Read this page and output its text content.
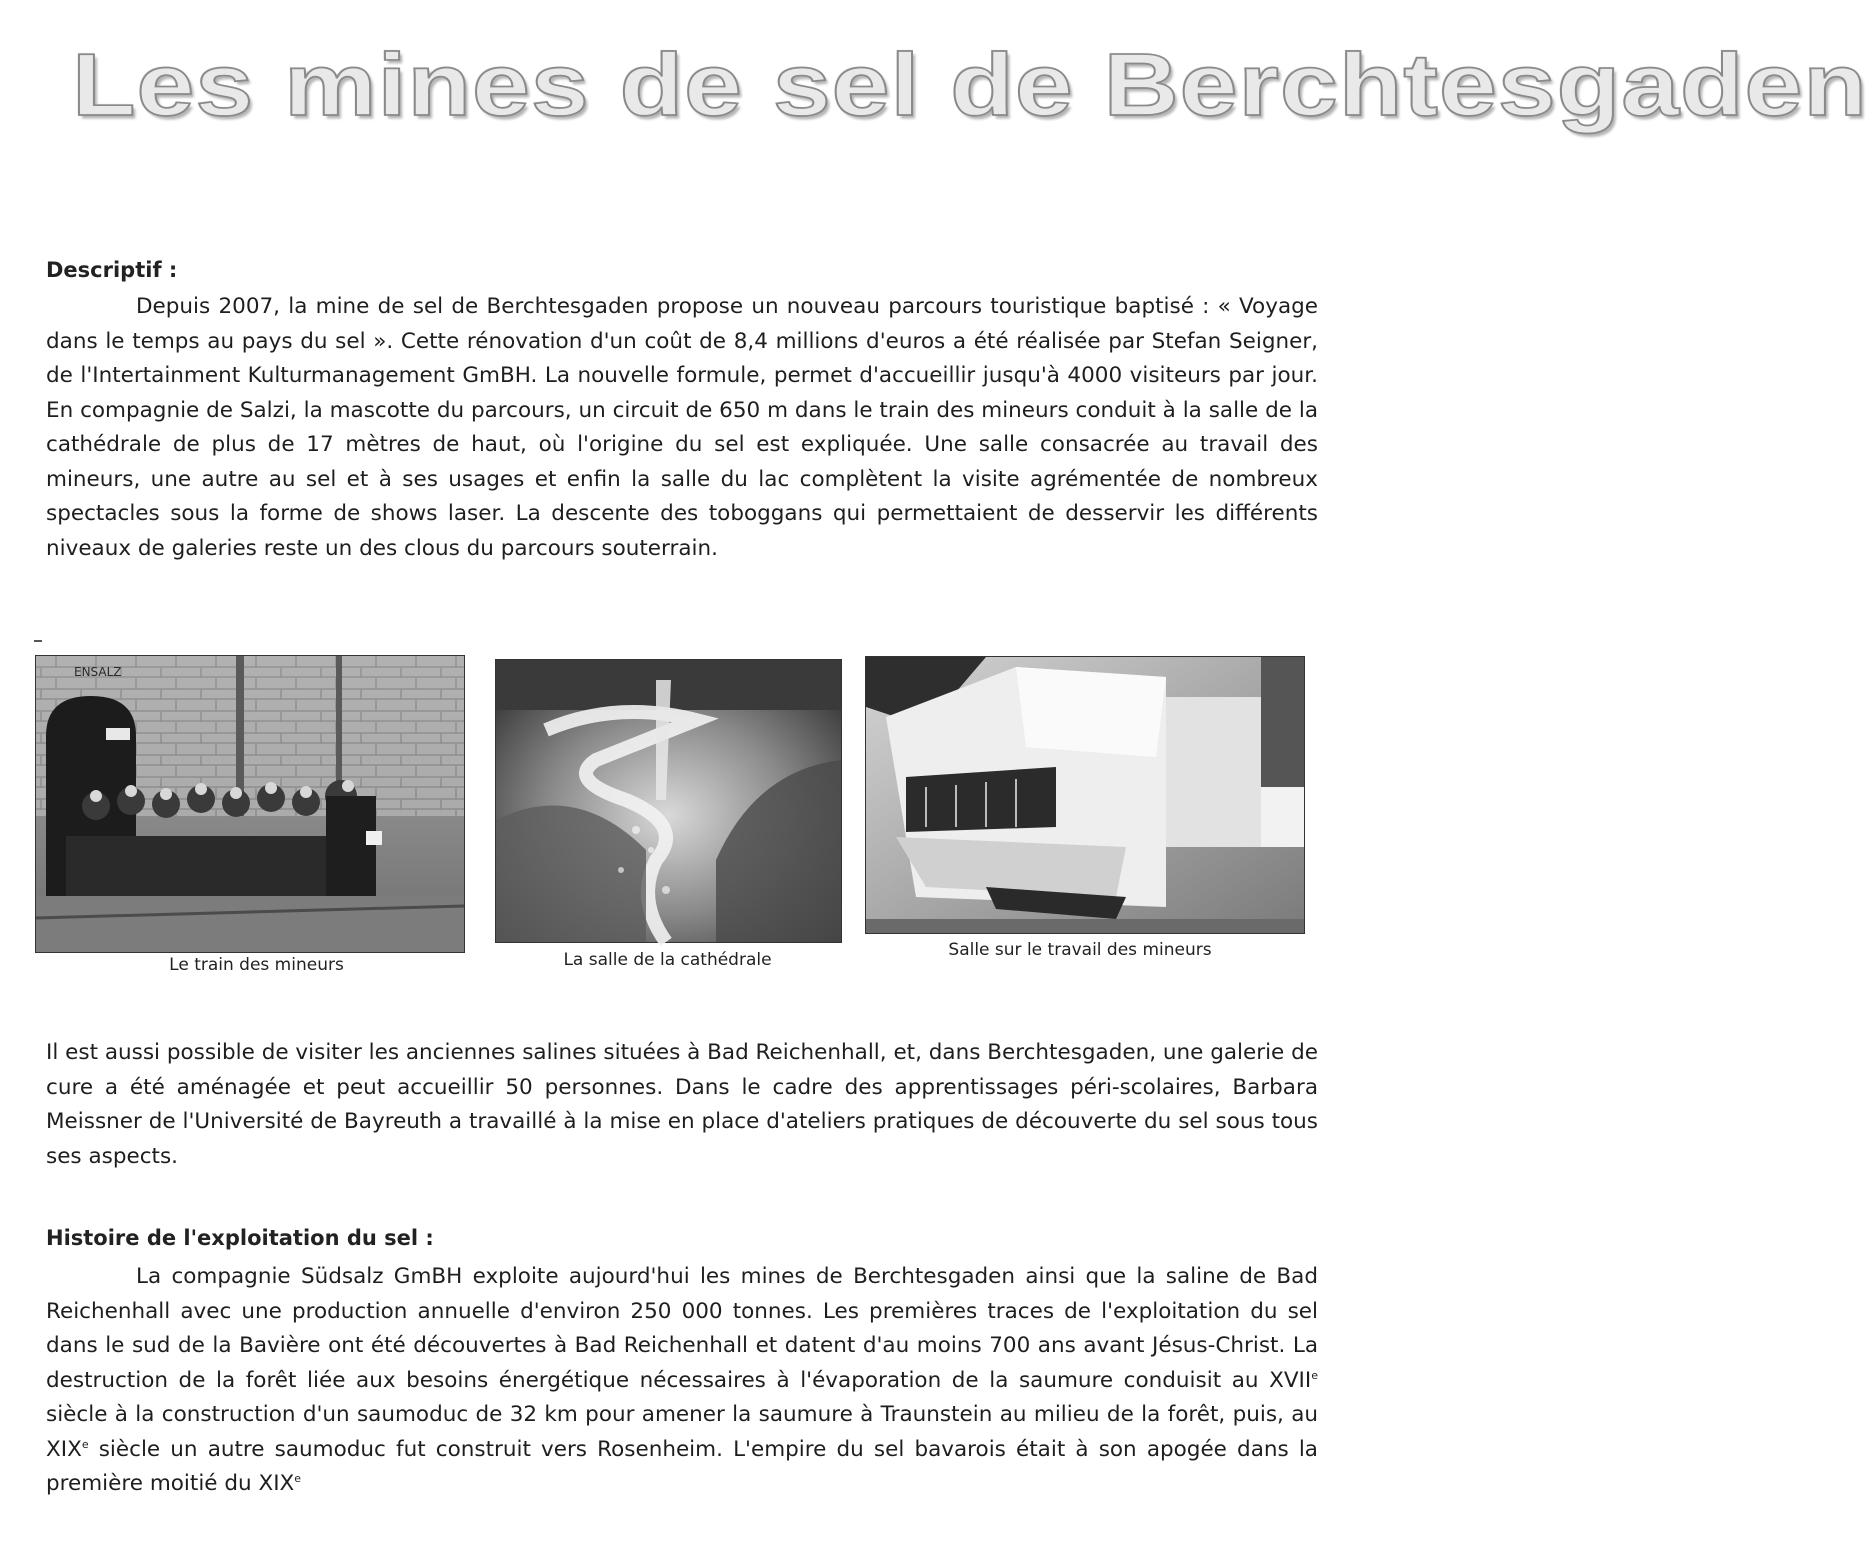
Les mines de sel de Berchtesgaden
Descriptif :
Depuis 2007, la mine de sel de Berchtesgaden propose un nouveau parcours touristique baptisé : « Voyage dans le temps au pays du sel ». Cette rénovation d'un coût de 8,4 millions d'euros a été réalisée par Stefan Seigner, de l'Intertainment Kulturmanagement GmBH. La nouvelle formule, permet d'accueillir jusqu'à 4000 visiteurs par jour. En compagnie de Salzi, la mascotte du parcours, un circuit de 650 m dans le train des mineurs conduit à la salle de la cathédrale de plus de 17 mètres de haut, où l'origine du sel est expliquée. Une salle consacrée au travail des mineurs, une autre au sel et à ses usages et enfin la salle du lac complètent la visite agrémentée de nombreux spectacles sous la forme de shows laser. La descente des toboggans qui permettaient de desservir les différents niveaux de galeries reste un des clous du parcours souterrain.
ENSALZ
Le train des mineurs	La salle de la cathédrale	Salle sur le travail des mineurs
Il est aussi possible de visiter les anciennes salines situées à Bad Reichenhall, et, dans Berchtesgaden, une galerie de cure a été aménagée et peut accueillir 50 personnes. Dans le cadre des apprentissages péri-scolaires, Barbara Meissner de l'Université de Bayreuth a travaillé à la mise en place d'ateliers pratiques de découverte du sel sous tous ses aspects.
Histoire de l'exploitation du sel :
La compagnie Südsalz GmBH exploite aujourd'hui les mines de Berchtesgaden ainsi que la saline de Bad Reichenhall avec une production annuelle d'environ 250 000 tonnes. Les premières traces de l'exploitation du sel dans le sud de la Bavière ont été découvertes à Bad Reichenhall et datent d'au moins 700 ans avant Jésus-Christ. La destruction de la forêt liée aux besoins énergétique nécessaires à l'évaporation de la saumure conduisit au XVIIe siècle à la construction d'un saumoduc de 32 km pour amener la saumure à Traunstein au milieu de la forêt, puis, au XIXe siècle un autre saumoduc fut construit vers Rosenheim. L'empire du sel bavarois était à son apogée dans la première moitié du XIXe
